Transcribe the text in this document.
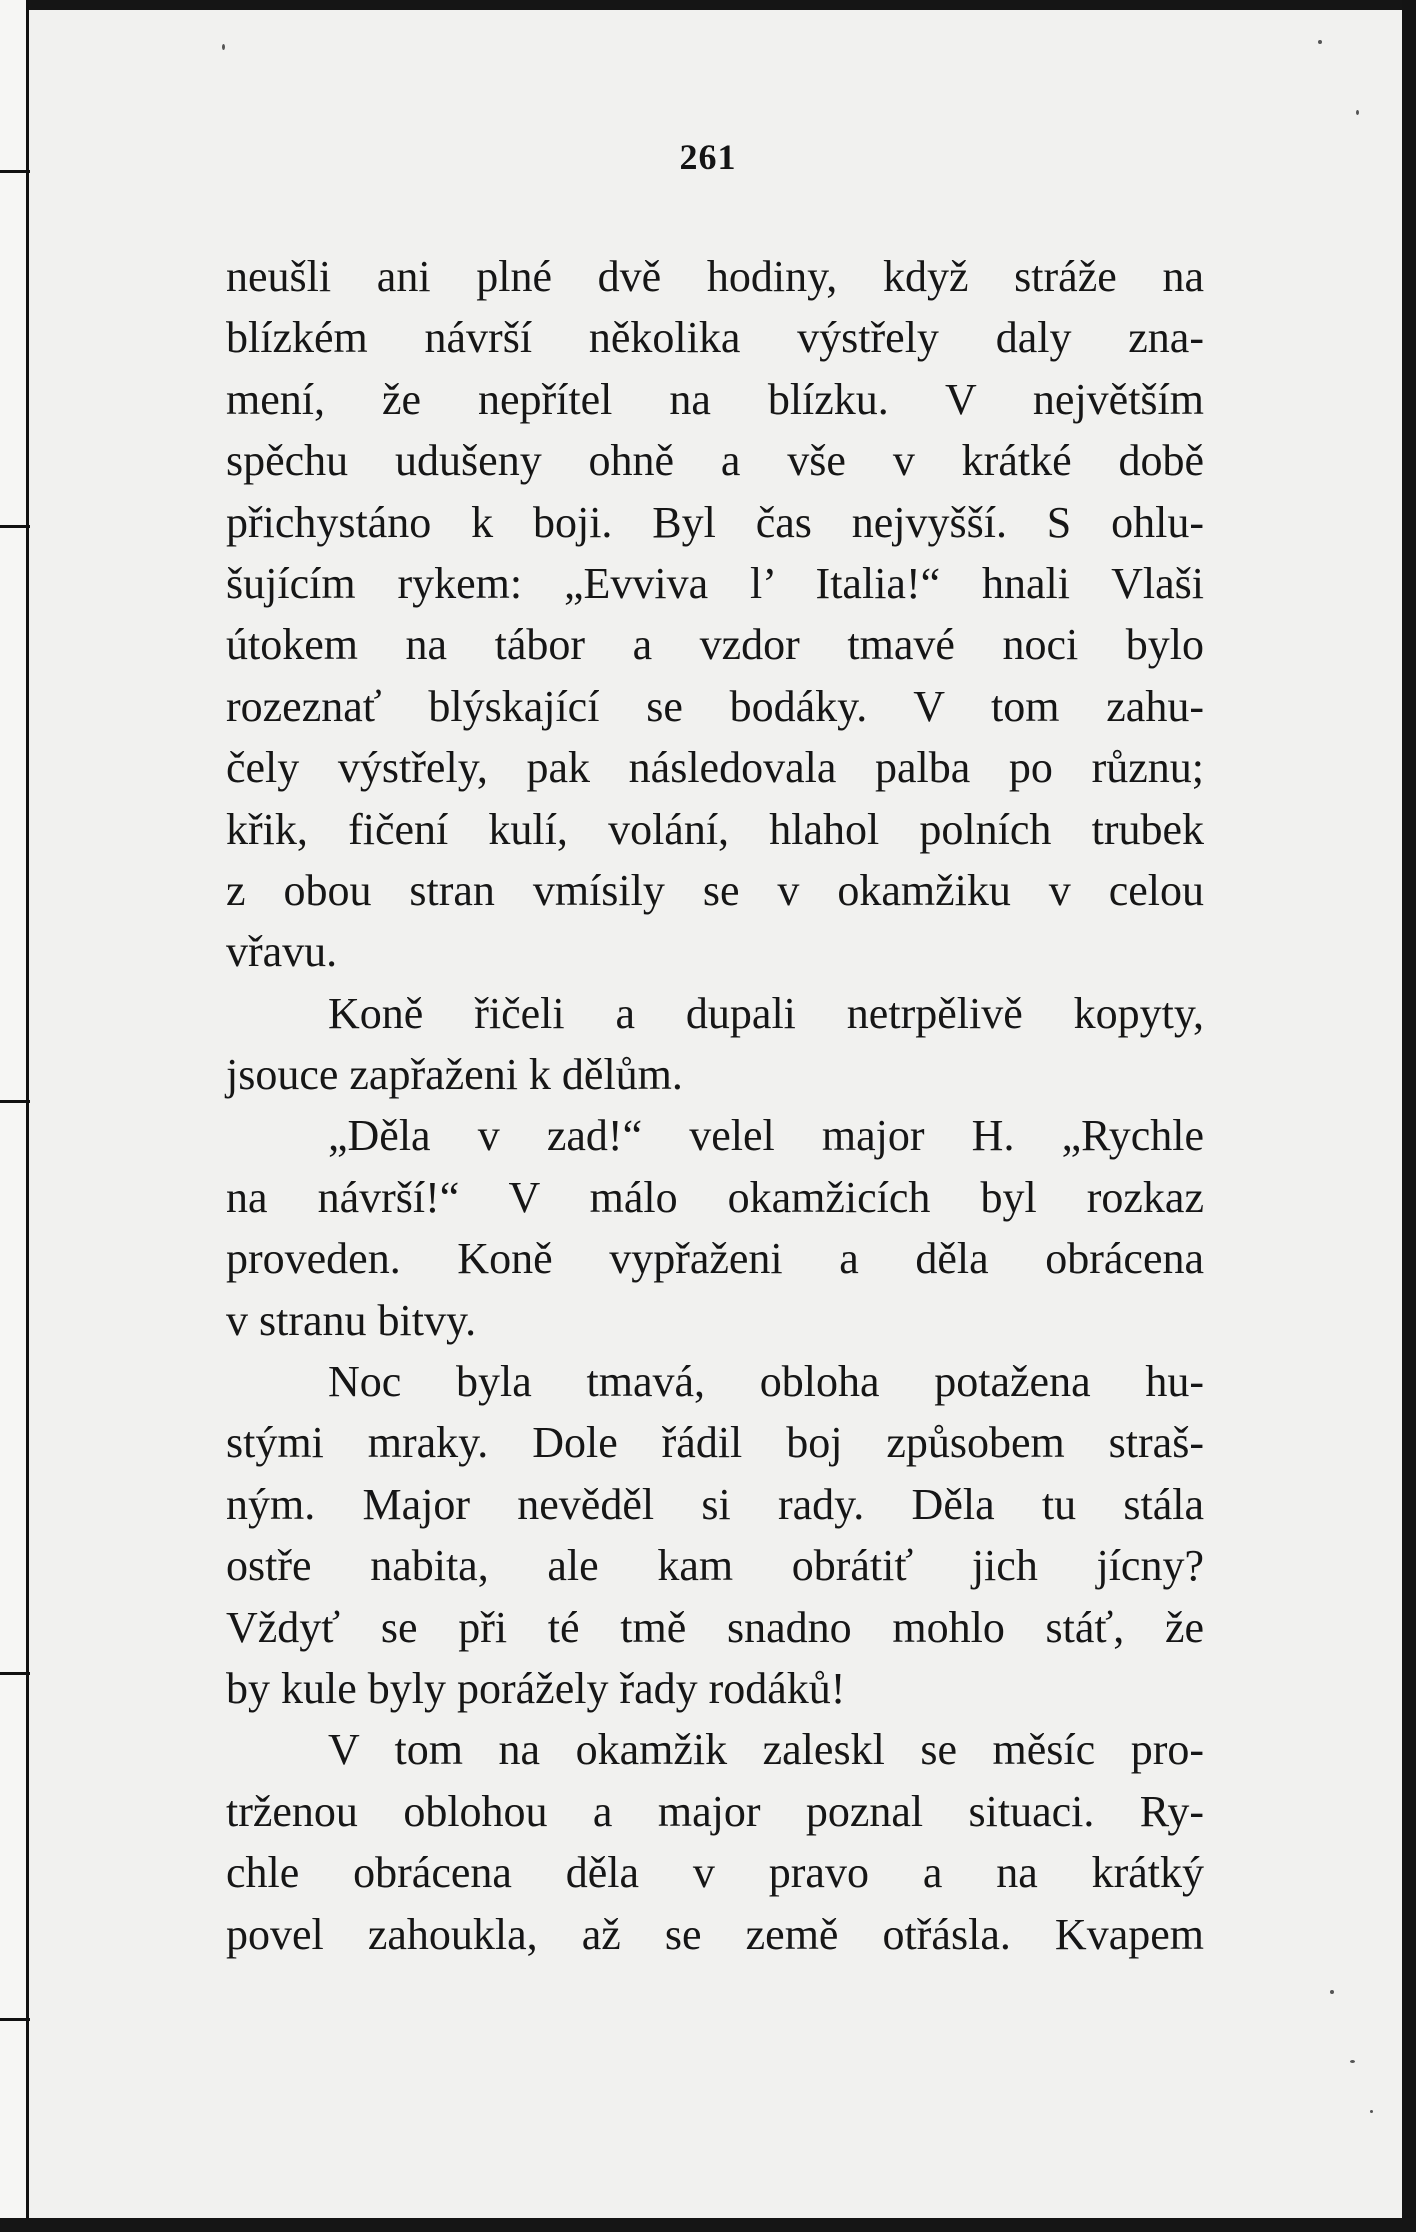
261
neušli ani plné dvě hodiny, když stráže na
blízkém návrší několika výstřely daly zna-
mení, že nepřítel na blízku. V největším
spěchu udušeny ohně a vše v krátké době
přichystáno k boji. Byl čas nejvyšší. S ohlu-
šujícím rykem: „Evviva l’ Italia!“ hnali Vlaši
útokem na tábor a vzdor tmavé noci bylo
rozeznať blýskající se bodáky. V tom zahu-
čely výstřely, pak následovala palba po různu;
křik, fičení kulí, volání, hlahol polních trubek
z obou stran vmísily se v okamžiku v celou
vřavu.
Koně řičeli a dupali netrpělivě kopyty,
jsouce zapřaženi k dělům.
„Děla v zad!“ velel major H. „Rychle
na návrší!“ V málo okamžicích byl rozkaz
proveden. Koně vypřaženi a děla obrácena
v stranu bitvy.
Noc byla tmavá, obloha potažena hu-
stými mraky. Dole řádil boj způsobem straš-
ným. Major nevěděl si rady. Děla tu stála
ostře nabita, ale kam obrátiť jich jícny?
Vždyť se při té tmě snadno mohlo stáť, že
by kule byly porážely řady rodáků!
V tom na okamžik zaleskl se měsíc pro-
trženou oblohou a major poznal situaci. Ry-
chle obrácena děla v pravo a na krátký
povel zahoukla, až se země otřásla. Kvapem
